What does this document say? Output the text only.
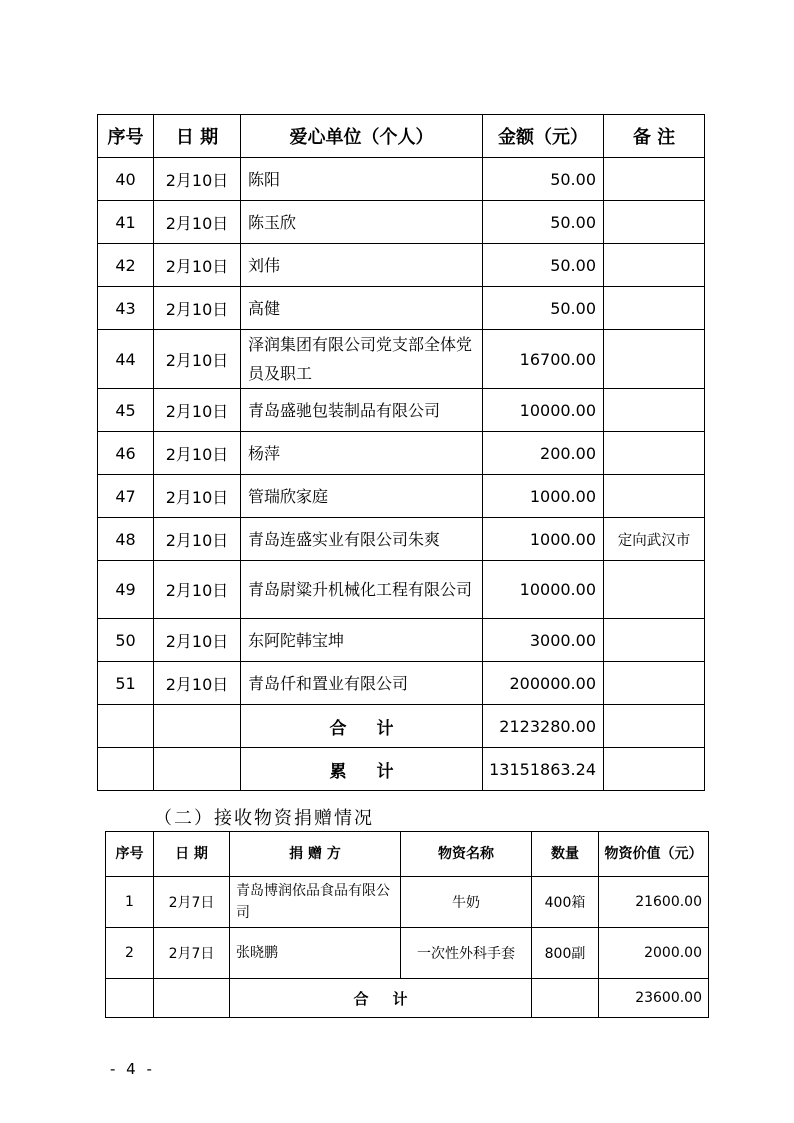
序号	日 期	爱心单位（个人）	金额（元）	备 注
40	2月10日	陈阳	50.00	
41	2月10日	陈玉欣	50.00	
42	2月10日	刘伟	50.00	
43	2月10日	高健	50.00	
44	2月10日	泽润集团有限公司党支部全体党员及职工	16700.00	
45	2月10日	青岛盛驰包装制品有限公司	10000.00	
46	2月10日	杨萍	200.00	
47	2月10日	管瑞欣家庭	1000.00	
48	2月10日	青岛连盛实业有限公司朱爽	1000.00	定向武汉市
49	2月10日	青岛尉粱升机械化工程有限公司	10000.00	
50	2月10日	东阿陀韩宝坤	3000.00	
51	2月10日	青岛仟和置业有限公司	200000.00	
		合计	2123280.00	
		累计	13151863.24	
（二）接收物资捐赠情况
序号	日 期	捐 赠 方	物资名称	数量	物资价值（元）
1	2月7日	青岛博润依品食品有限公司	牛奶	400箱	21600.00
2	2月7日	张晓鹏	一次性外科手套	800副	2000.00
		合计			23600.00
- 4 -
